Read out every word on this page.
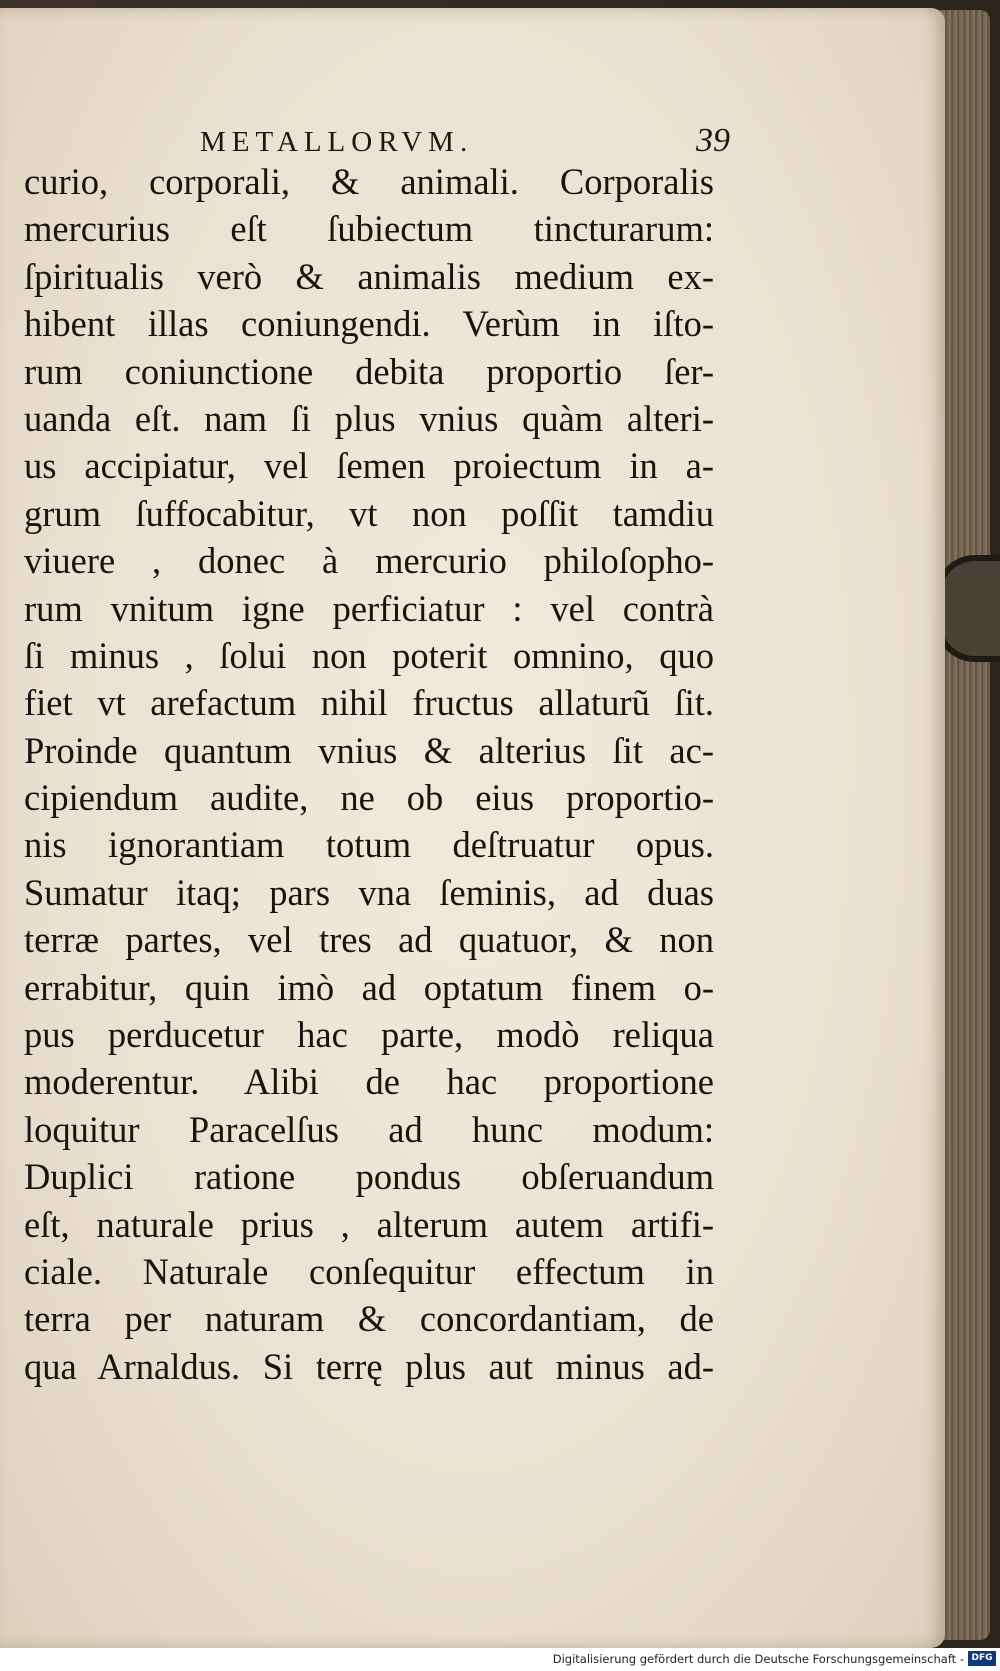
METALLORVM.	39
curio, corporali, & animali. Corporalis
mercurius eſt ſubiectum tincturarum:
ſpiritualis verò & animalis medium ex-
hibent illas coniungendi. Verùm in iſto-
rum coniunctione debita proportio ſer-
uanda eſt. nam ſi plus vnius quàm alteri-
us accipiatur, vel ſemen proiectum in a-
grum ſuffocabitur, vt non poſſit tamdiu
viuere , donec à mercurio philoſopho-
rum vnitum igne perficiatur : vel contrà
ſi minus , ſolui non poterit omnino, quo
fiet vt arefactum nihil fructus allaturũ ſit.
Proinde quantum vnius & alterius ſit ac-
cipiendum audite, ne ob eius proportio-
nis ignorantiam totum deſtruatur opus.
Sumatur itaq; pars vna ſeminis, ad duas
terræ partes, vel tres ad quatuor, & non
errabitur, quin imò ad optatum finem o-
pus perducetur hac parte, modò reliqua
moderentur. Alibi de hac proportione
loquitur Paracelſus ad hunc modum:
Duplici ratione pondus obſeruandum
eſt, naturale prius , alterum autem artifi-
ciale. Naturale conſequitur effectum in
terra per naturam & concordantiam, de
qua Arnaldus. Si terrę plus aut minus ad-
Digitalisierung gefördert durch die Deutsche Forschungsgemeinschaft - DFG
